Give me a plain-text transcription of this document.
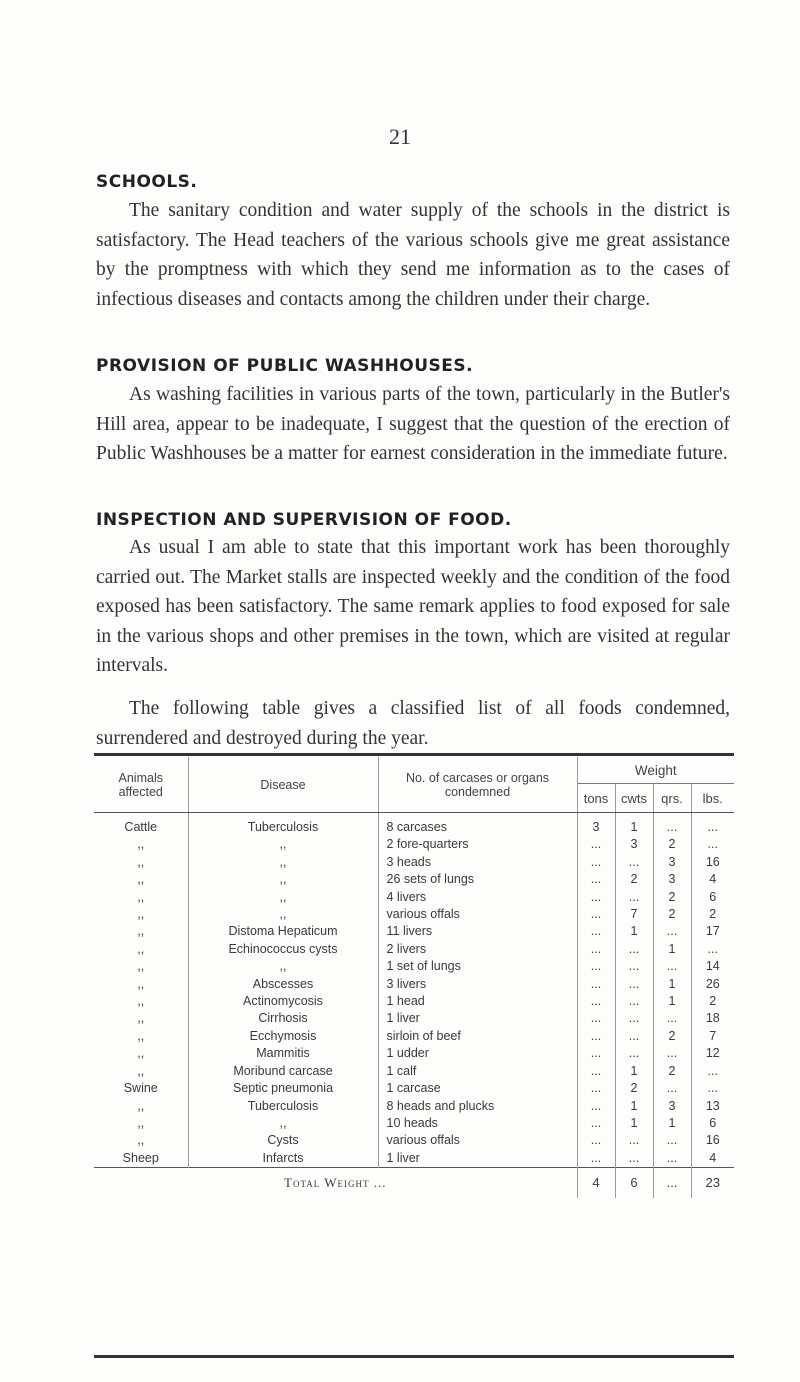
21
SCHOOLS.

The sanitary condition and water supply of the schools in the district is satisfactory. The Head teachers of the various schools give me great assistance by the promptness with which they send me information as to the cases of infectious diseases and contacts among the children under their charge.

PROVISION OF PUBLIC WASHHOUSES.

As washing facilities in various parts of the town, particularly in the Butler's Hill area, appear to be inadequate, I suggest that the question of the erection of Public Washhouses be a matter for earnest consideration in the immediate future.

INSPECTION AND SUPERVISION OF FOOD.

As usual I am able to state that this important work has been thoroughly carried out. The Market stalls are inspected weekly and the condition of the food exposed has been satisfactory. The same remark applies to food exposed for sale in the various shops and other premises in the town, which are visited at regular intervals.

The following table gives a classified list of all foods condemned, surrendered and destroyed during the year.

Animals affected	Disease	No. of carcases or organs condemned	Weight			
			tons	cwts	qrs.	lbs.
Cattle	Tuberculosis	8 carcases	3	1	...	...
,,	,,	2 fore-quarters	...	3	2	...
,,	,,	3 heads	...	...	3	16
,,	,,	26 sets of lungs	...	2	3	4
,,	,,	4 livers	...	...	2	6
,,	,,	various offals	...	7	2	2
,,	Distoma Hepaticum	11 livers	...	1	...	17
,,	Echinococcus cysts	2 livers	...	...	1	...
,,	,,	1 set of lungs	...	...	...	14
,,	Abscesses	3 livers	...	...	1	26
,,	Actinomycosis	1 head	...	...	1	2
,,	Cirrhosis	1 liver	...	...	...	18
,,	Ecchymosis	sirloin of beef	...	...	2	7
,,	Mammitis	1 udder	...	...	...	12
,,	Moribund carcase	1 calf	...	1	2	...
Swine	Septic pneumonia	1 carcase	...	2	...	...
,,	Tuberculosis	8 heads and plucks	...	1	3	13
,,	,,	10 heads	...	1	1	6
,,	Cysts	various offals	...	...	...	16
Sheep	Infarcts	1 liver	...	...	...	4
Total Weight ...			4	6	...	23
